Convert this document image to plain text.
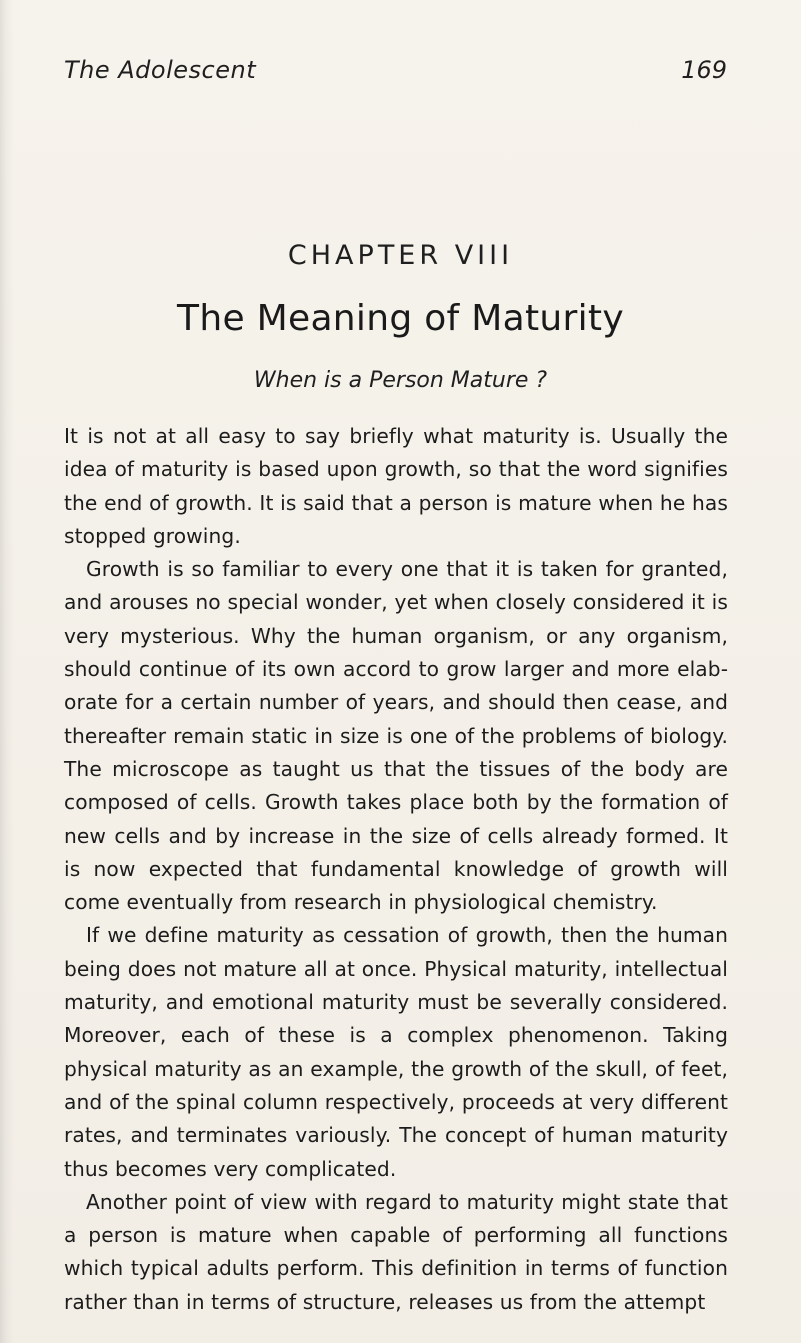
The Adolescent	169
CHAPTER VIII
The Meaning of Maturity
When is a Person Mature ?

It is not at all easy to say briefly what maturity is. Usually the idea of maturity is based upon growth, so that the word signifies the end of growth. It is said that a person is mature when he has stopped growing.

Growth is so familiar to every one that it is taken for granted, and arouses no special wonder, yet when closely considered it is very mysterious. Why the human organism, or any organism, should continue of its own accord to grow larger and more elaborate for a certain number of years, and should then cease, and thereafter remain static in size is one of the problems of biology. The microscope as taught us that the tissues of the body are composed of cells. Growth takes place both by the formation of new cells and by increase in the size of cells already formed. It is now expected that fundamental knowledge of growth will come eventually from research in physiological chemistry.

If we define maturity as cessation of growth, then the human being does not mature all at once. Physical maturity, intellectual maturity, and emotional maturity must be severally considered. Moreover, each of these is a complex phenomenon. Taking physical maturity as an example, the growth of the skull, of feet, and of the spinal column respectively, proceeds at very different rates, and terminates variously. The concept of human maturity thus becomes very complicated.

Another point of view with regard to maturity might state that a person is mature when capable of performing all functions which typical adults perform. This definition in terms of function rather than in terms of structure, releases us from the attempt
